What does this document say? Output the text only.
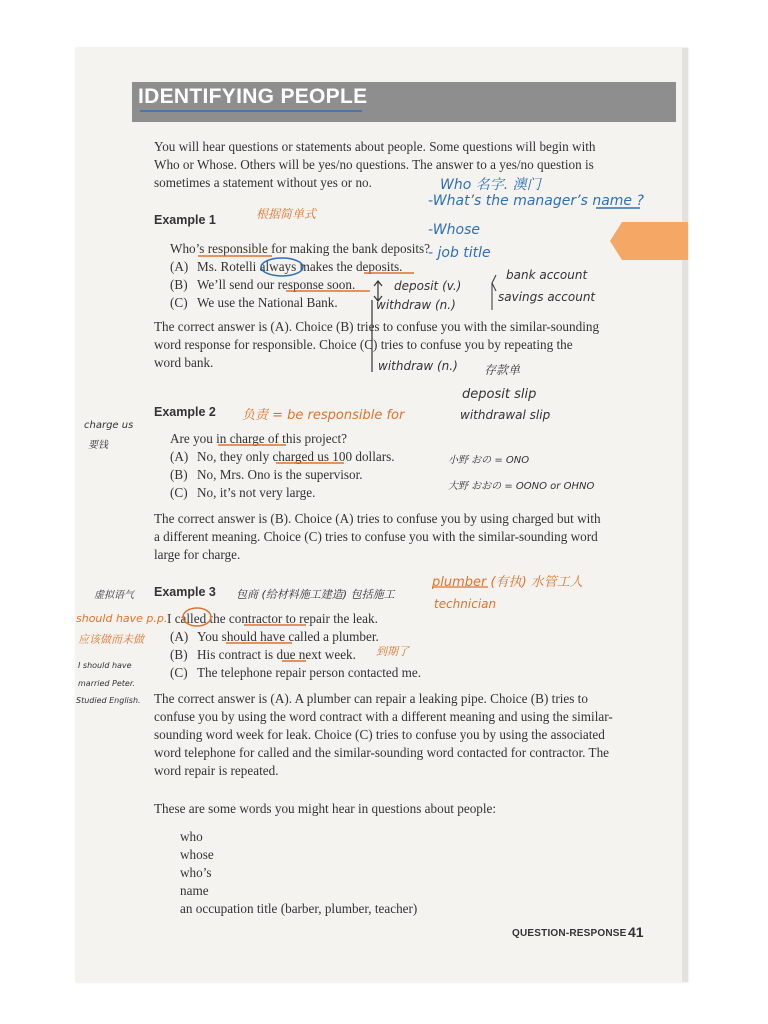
IDENTIFYING PEOPLE
You will hear questions or statements about people. Some questions will begin with
Who or Whose. Others will be yes/no questions. The answer to a yes/no question is
sometimes a statement without yes or no.
Example 1
Who’s responsible for making the bank deposits?
(A) Ms. Rotelli always makes the deposits.
(B) We’ll send our response soon.
(C) We use the National Bank.
The correct answer is (A). Choice (B) tries to confuse you with the similar-sounding
word response for responsible. Choice (C) tries to confuse you by repeating the
word bank.
Example 2
Are you in charge of this project?
(A) No, they only charged us 100 dollars.
(B) No, Mrs. Ono is the supervisor.
(C) No, it’s not very large.
The correct answer is (B). Choice (A) tries to confuse you by using charged but with
a different meaning. Choice (C) tries to confuse you with the similar-sounding word
large for charge.
Example 3
I called the contractor to repair the leak.
(A) You should have called a plumber.
(B) His contract is due next week.
(C) The telephone repair person contacted me.
The correct answer is (A). A plumber can repair a leaking pipe. Choice (B) tries to
confuse you by using the word contract with a different meaning and using the similar-
sounding word week for leak. Choice (C) tries to confuse you by using the associated
word telephone for called and the similar-sounding word contacted for contractor. The
word repair is repeated.
These are some words you might hear in questions about people:
who
whose
who’s
name
an occupation title (barber, plumber, teacher)
QUESTION-RESPONSE 41
Who 名字. 澳门
-What’s the manager’s name ?
-Whose
- job title
bank account
savings account
deposit (v.)
withdraw (n.)
withdraw (n.) 存款单
deposit slip
withdrawal slip
根据简单式
负责 = be responsible for
charge us
要钱
小野 おの = ONO
大野 おおの = OONO or OHNO
plumber (有执) 水管工人
technician
包商 (给材料施工建造) 包括施工
到期了
虚拟语气
should have p.p.
应该做而未做
I should have
married Peter.
Studied English.
